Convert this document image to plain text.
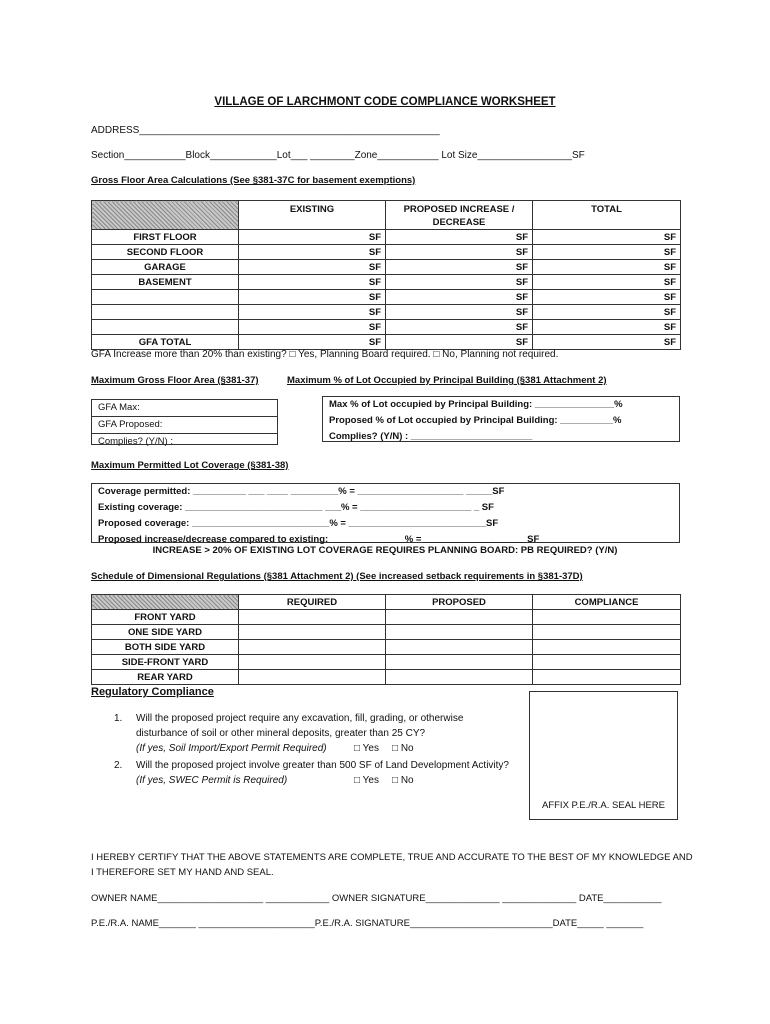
VILLAGE OF LARCHMONT CODE COMPLIANCE WORKSHEET
ADDRESS______________________________________________________
Section___________Block____________Lot___ ________Zone___________ Lot Size_________________SF
Gross Floor Area Calculations (See §381-37C for basement exemptions)
	EXISTING	PROPOSED INCREASE /
DECREASE	TOTAL
FIRST FLOOR	SF	SF	SF
SECOND FLOOR	SF	SF	SF
GARAGE	SF	SF	SF
BASEMENT	SF	SF	SF
	SF	SF	SF
	SF	SF	SF
	SF	SF	SF
GFA TOTAL	SF	SF	SF
GFA Increase more than 20% than existing? □ Yes, Planning Board required. □ No, Planning not required.
Maximum Gross Floor Area (§381-37)	Maximum % of Lot Occupied by Principal Building (§381 Attachment 2)
GFA Max:
GFA Proposed:
Complies? (Y/N) :
Max % of Lot occupied by Principal Building: _______________%
Proposed % of Lot occupied by Principal Building: __________%
Complies? (Y/N) : _______________________
Maximum Permitted Lot Coverage (§381-38)
Coverage permitted: __________ ___ ____ _________% = ____________________ _____SF
Existing coverage: __________________________ ___% = _____________________ _ SF
Proposed coverage: __________________________% = __________________________SF
Proposed increase/decrease compared to existing: ______________% = ____________ _______SF
INCREASE > 20% OF EXISTING LOT COVERAGE REQUIRES PLANNING BOARD: PB REQUIRED? (Y/N)
Schedule of Dimensional Regulations (§381 Attachment 2) (See increased setback requirements in §381-37D)
	REQUIRED	PROPOSED	COMPLIANCE
FRONT YARD			
ONE SIDE YARD			
BOTH SIDE YARD			
SIDE-FRONT YARD			
REAR YARD			
Regulatory Compliance
1. Will the proposed project require any excavation, fill, grading, or otherwise
disturbance of soil or other mineral deposits, greater than 25 CY?
(If yes, Soil Import/Export Permit Required)	□ Yes □ No
2. Will the proposed project involve greater than 500 SF of Land Development Activity?
(If yes, SWEC Permit is Required)	□ Yes □ No
AFFIX P.E./R.A. SEAL HERE
I HEREBY CERTIFY THAT THE ABOVE STATEMENTS ARE COMPLETE, TRUE AND ACCURATE TO THE BEST OF MY KNOWLEDGE AND
I THEREFORE SET MY HAND AND SEAL.
OWNER NAME____________________ ____________ OWNER SIGNATURE______________ ______________ DATE___________
P.E./R.A. NAME_______ ______________________P.E./R.A. SIGNATURE___________________________DATE_____ _______
